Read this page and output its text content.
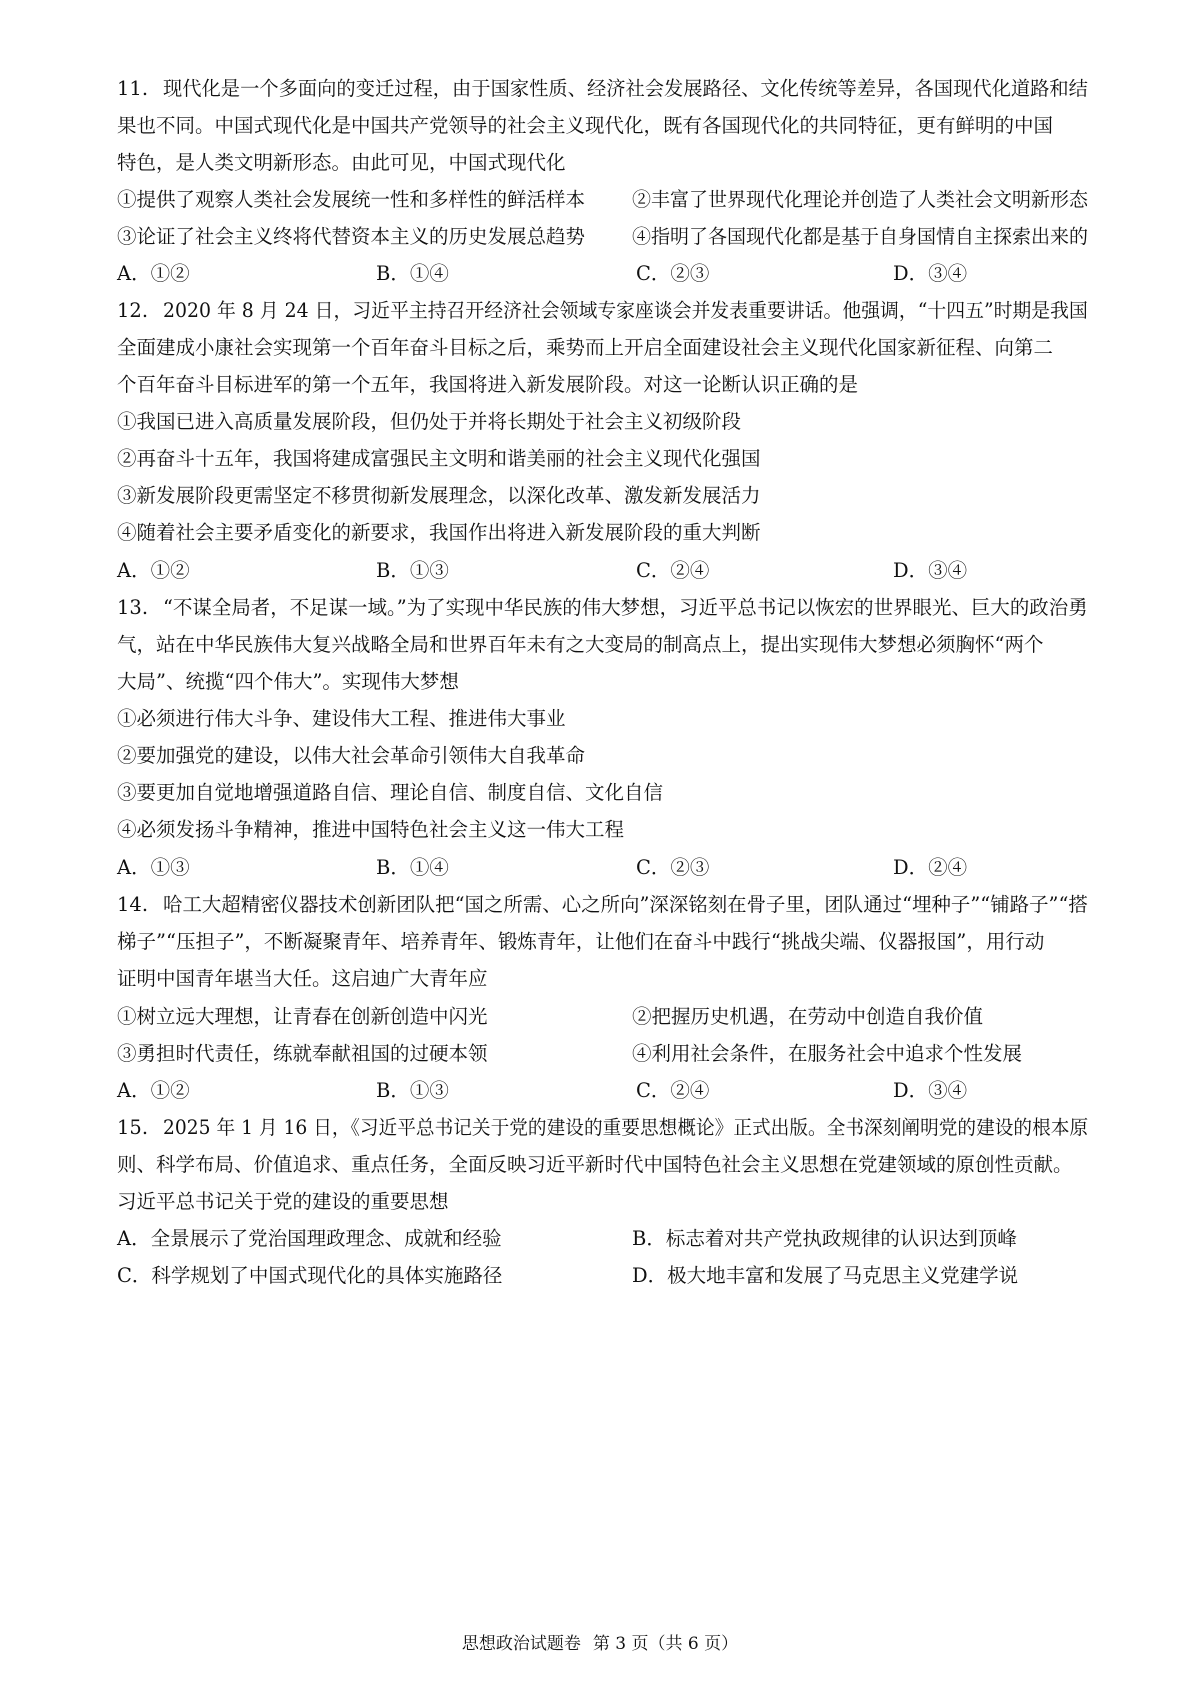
11. 现代化是一个多面向的变迁过程，由于国家性质、经济社会发展路径、文化传统等差异，各国现代化道路和结
果也不同。中国式现代化是中国共产党领导的社会主义现代化，既有各国现代化的共同特征，更有鲜明的中国
特色，是人类文明新形态。由此可见，中国式现代化
①提供了观察人类社会发展统一性和多样性的鲜活样本 ②丰富了世界现代化理论并创造了人类社会文明新形态
③论证了社会主义终将代替资本主义的历史发展总趋势 ④指明了各国现代化都是基于自身国情自主探索出来的
A．①②	B．①④	C．②③	D．③④
12. 2020 年 8 月 24 日，习近平主持召开经济社会领域专家座谈会并发表重要讲话。他强调，“十四五”时期是我国
全面建成小康社会实现第一个百年奋斗目标之后，乘势而上开启全面建设社会主义现代化国家新征程、向第二
个百年奋斗目标进军的第一个五年，我国将进入新发展阶段。对这一论断认识正确的是
①我国已进入高质量发展阶段，但仍处于并将长期处于社会主义初级阶段
②再奋斗十五年，我国将建成富强民主文明和谐美丽的社会主义现代化强国
③新发展阶段更需坚定不移贯彻新发展理念，以深化改革、激发新发展活力
④随着社会主要矛盾变化的新要求，我国作出将进入新发展阶段的重大判断
A．①②	B．①③	C．②④	D．③④
13. “不谋全局者，不足谋一域。”为了实现中华民族的伟大梦想，习近平总书记以恢宏的世界眼光、巨大的政治勇
气，站在中华民族伟大复兴战略全局和世界百年未有之大变局的制高点上，提出实现伟大梦想必须胸怀“两个
大局”、统揽“四个伟大”。实现伟大梦想
①必须进行伟大斗争、建设伟大工程、推进伟大事业
②要加强党的建设，以伟大社会革命引领伟大自我革命
③要更加自觉地增强道路自信、理论自信、制度自信、文化自信
④必须发扬斗争精神，推进中国特色社会主义这一伟大工程
A．①③	B．①④	C．②③	D．②④
14. 哈工大超精密仪器技术创新团队把“国之所需、心之所向”深深铭刻在骨子里，团队通过“埋种子”“铺路子”“搭
梯子”“压担子”，不断凝聚青年、培养青年、锻炼青年，让他们在奋斗中践行“挑战尖端、仪器报国”，用行动
证明中国青年堪当大任。这启迪广大青年应
①树立远大理想，让青春在创新创造中闪光	②把握历史机遇，在劳动中创造自我价值
③勇担时代责任，练就奉献祖国的过硬本领	④利用社会条件，在服务社会中追求个性发展
A．①②	B．①③	C．②④	D．③④
15. 2025 年 1 月 16 日，《习近平总书记关于党的建设的重要思想概论》正式出版。全书深刻阐明党的建设的根本原
则、科学布局、价值追求、重点任务，全面反映习近平新时代中国特色社会主义思想在党建领域的原创性贡献。
习近平总书记关于党的建设的重要思想
A．全景展示了党治国理政理念、成就和经验	B．标志着对共产党执政规律的认识达到顶峰
C．科学规划了中国式现代化的具体实施路径	D．极大地丰富和发展了马克思主义党建学说
思想政治试题卷 第 3 页（共 6 页）
